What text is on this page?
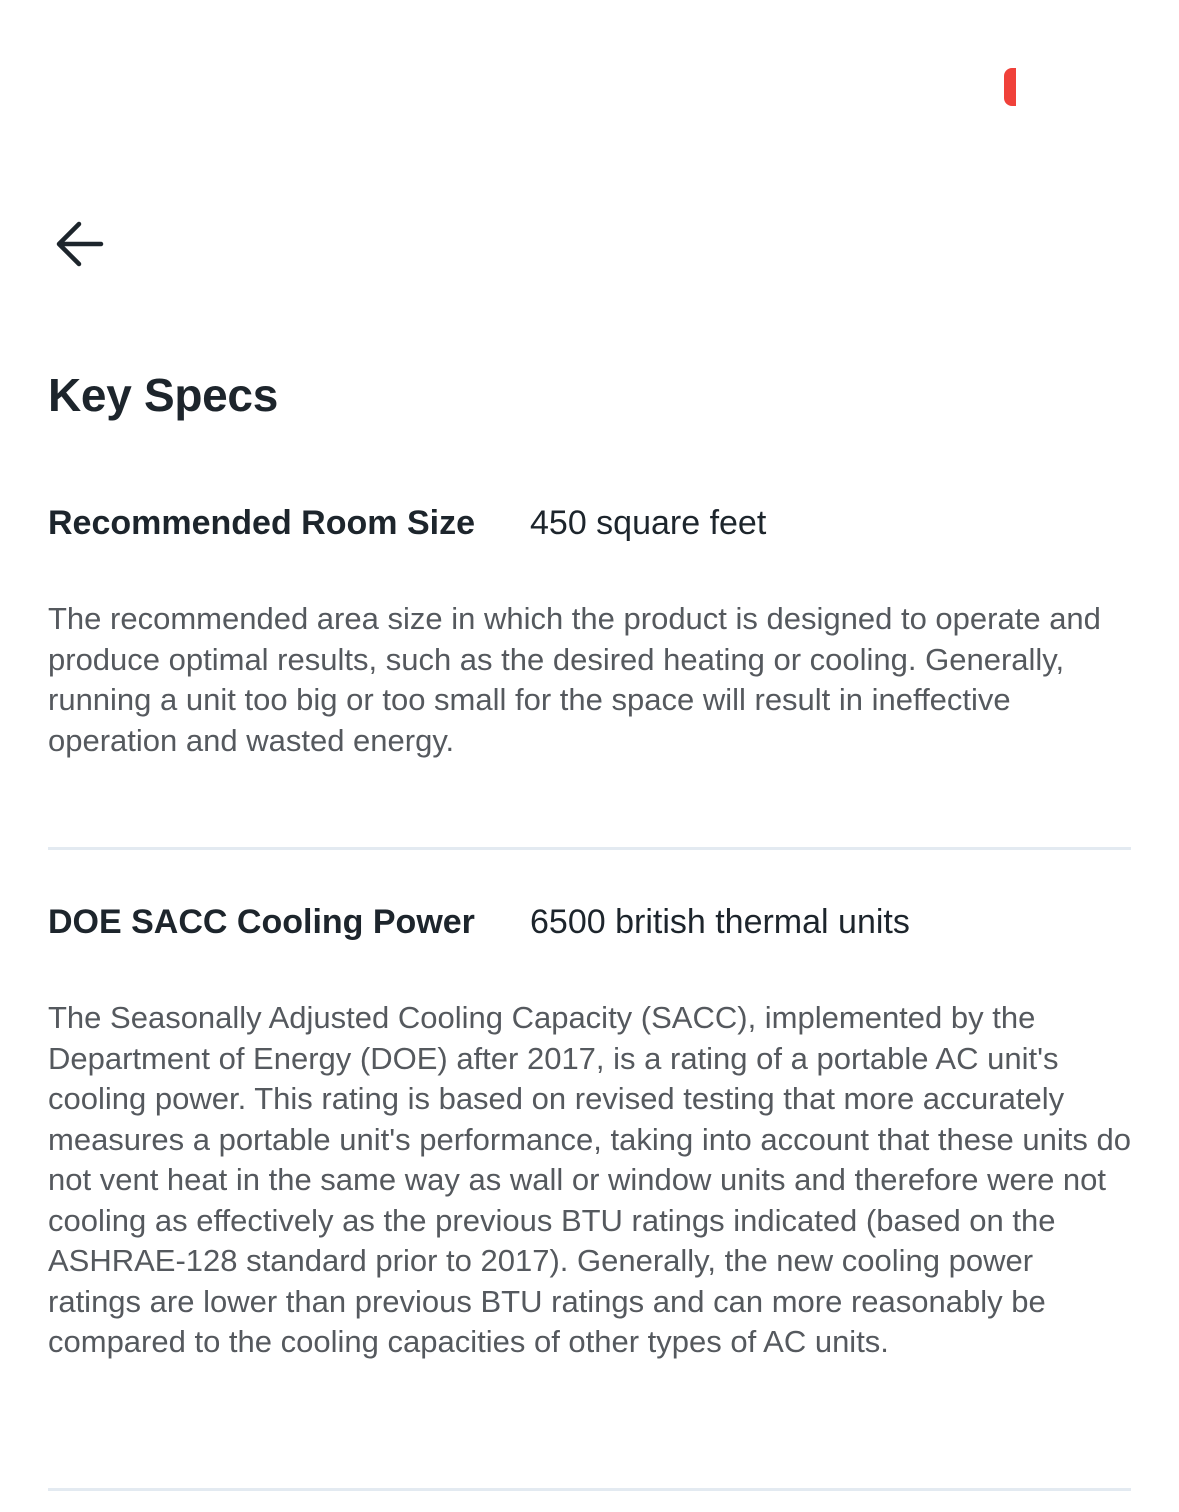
Key Specs
Recommended Room Size	450 square feet

The recommended area size in which the product is designed to operate and produce optimal results, such as the desired heating or cooling. Generally, running a unit too big or too small for the space will result in ineffective operation and wasted energy.

DOE SACC Cooling Power	6500 british thermal units

The Seasonally Adjusted Cooling Capacity (SACC), implemented by the Department of Energy (DOE) after 2017, is a rating of a portable AC unit's cooling power. This rating is based on revised testing that more accurately measures a portable unit's performance, taking into account that these units do not vent heat in the same way as wall or window units and therefore were not cooling as effectively as the previous BTU ratings indicated (based on the ASHRAE-128 standard prior to 2017). Generally, the new cooling power ratings are lower than previous BTU ratings and can more reasonably be compared to the cooling capacities of other types of AC units.
